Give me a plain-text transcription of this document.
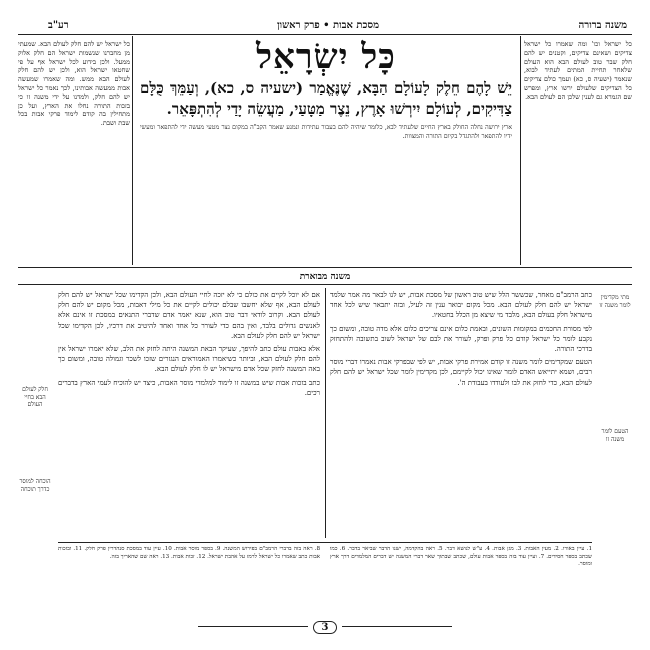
רע"ב	מסכת אבות • פרק ראשון	משנה ברורה
כל ישראל יש להם חלק לעולם הבא. שמעתי מן מחברנו שנשמות ישראל הם חלק אלוק ממעל. ולכן בידוע לכל ישראל אף על פי שחטאו ישראל הוא, ולכן יש להם חלק לעולם הבא ממש. ומה שאמרו שמעשה אבות ממעשה אבותינו, לכך נאמר כל ישראל יש להם חלק, ולמדנו על ידי משנה זו כי בזכות התורה נחלו את הארץ, ועל כן מתחילין בה קודם לימוד פרקי אבות בכל שבת ושבת.
כָּל יִשְׂרָאֵל
יֵשׁ לָהֶם חֵלֶק לָעוֹלָם הַבָּא, שֶׁנֶּאֱמַר (ישעיה ס, כא), וְעַמֵּךְ כֻּלָּם צַדִּיקִים, לְעוֹלָם יִירְשׁוּ אָרֶץ, נֵצֶר מַטָּעַי, מַעֲשֵׂה יָדַי לְהִתְפָּאֵר.
ארץ ירושה נחלה החולק בארץ החיים שלעתיד לבא, כלומר שיהיה להם בעבור עתידות ונמנע שאמר הקב"ה במקום נצר מטעי מעשה ידי להתפאר ומעשי ידיו להתפאר ולהתגדל בקיום התורה והמצוות.
כל ישראל וכו' ומה שאמרו כל ישראל צדיקים ושאינם צדיקים, וקטנים יש להם חלק שבר טוב לעולם הבא הוא העולם שלאחר תחיית המתים לעתיד לבוא, שנאמר (ישעיה ס, כא) ועמך כולם צדיקים כל הצדיקים שלעולם ירשו ארץ, ומפרש שם הגמרא גם לענין שלכן הם לעולם הבא.
משנה מבוארת
מתי מקדימין לומר משנה זו
הטעם לומר משנה זו
חלק לעולם הבא בחיי העולם
הוכחה למוסר כדרך תוכחה
אם לא יוכל לקיים את כולם כי לא יזכה לחיי העולם הבא, ולכן הקדימו שכל ישראל יש להם חלק לעולם הבא, אף שלא יחשבו שבלם יכולים לקיים את כל מילי דאבות, מכל מקום יש להם חלק לעולם הבא. וקרוב לודאי דבר טוב הוא, שנא יאמר אדם שדברי התנאים במסכת זו אינם אלא לאנשים גדולים בלבד, ואין בהם כדי לעורר כל אחד ואחד להיטיב את דרכיו, לכן הקדימו שכל ישראל יש להם חלק לעולם הבא.
אלא באבות עולם כתב להיפך, שעיקר הבאת המשנה היתה לחזק את הלב, שלא יאמרו ישראל אין להם חלק לעולם הבא, וביותר כשיאמרו האמוראים הנגזרים שזכו לשכר וגמולה טובה, ומשום כך באה המשנה לחזק שכל אדם מישראל יש לו חלק לעולם הבא.
כתב בזכות אבות שיש במשנה זו לימוד למלמדי מוסר האבות, כיצד יש להוכיח לעמי הארץ בדברים רכים.
כתב הרמב"ם מאחר, שכששר הלל שיש טוב ראשון של מסכת אבות, יש לנו לבאר מה אמר שלמד ישראל יש להם חלק לעולם הבא. מכל מקום יבואר ענין זה לעיל, ובזה יתבאר שיש לכל אחד מישראל חלק בעולם הבא, מלבד מי שיצא מן הכלל בחטאיו.
לפי מסורת החכמים במקומות השונים, ובאמת כלום אינם צריכים כלום אלא מדה טובה, ומשום כך נקבע לומר כל ישראל קודם כל פרק ופרק, לעורר את לבם של ישראל לשוב בתשובה ולהתחזק בדרכי התורה.
הטעם שמקדימים לומר משנה זו קודם אמירת פרקי אבות, יש לפי שבפרקי אבות נאמרו דברי מוסר רבים, ושמא יתייאש האדם לומר שאינו יכול לקיימם, לכן מקדימין לומר שכל ישראל יש להם חלק לעולם הבא, כדי לחזק את לבו ולעודדו בעבודת ה'.
8. ראה בזה בדברי הרמב"ם בפירוש המשנה. 9. בספר מוסר אבות. 10. עיין עוד במסכת סנהדרין פרק חלק. 11. ובזכות אבות כתב שאמרו כל ישראל לרמז על אהבת ישראל. 12. זכות אבות. 13. ראה שם שהאריך בזה.
1. עיין באורו. 2. מעין האבות. 3. מגן אבות. 4. ע"ש לנושא דבר. 5. ראה בהקדמה, ישנו הדבר שביאר בדבר. 6. כמו שכתב בספר חסידים. 7. ועיין עוד בזה בספר אבות עולם, שכתב שבתוך שאר דברי המשנה יש דברים המלמדים דרך ארץ ומוסר.
3
